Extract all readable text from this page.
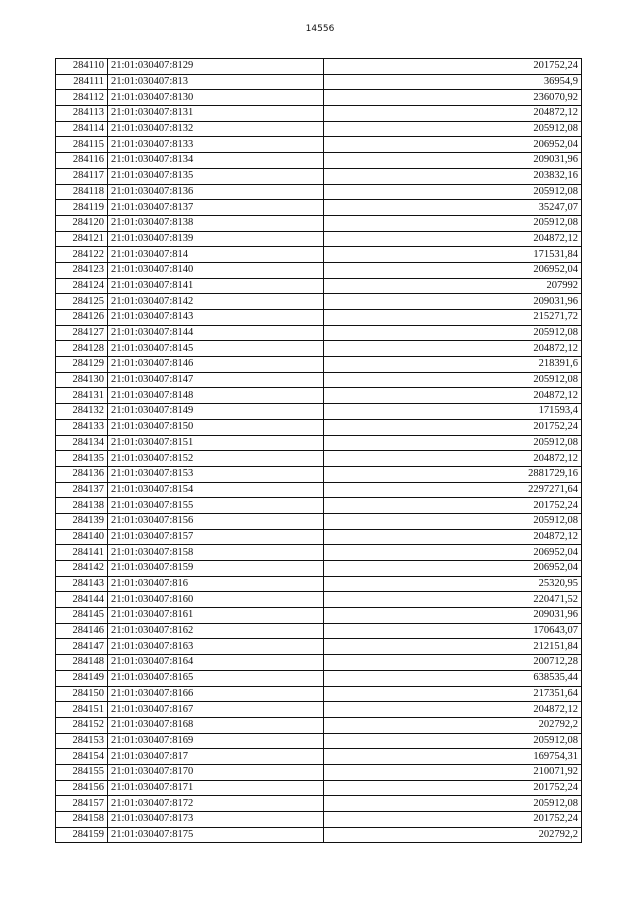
14556
284110	21:01:030407:8129	201752,24
284111	21:01:030407:813	36954,9
284112	21:01:030407:8130	236070,92
284113	21:01:030407:8131	204872,12
284114	21:01:030407:8132	205912,08
284115	21:01:030407:8133	206952,04
284116	21:01:030407:8134	209031,96
284117	21:01:030407:8135	203832,16
284118	21:01:030407:8136	205912,08
284119	21:01:030407:8137	35247,07
284120	21:01:030407:8138	205912,08
284121	21:01:030407:8139	204872,12
284122	21:01:030407:814	171531,84
284123	21:01:030407:8140	206952,04
284124	21:01:030407:8141	207992
284125	21:01:030407:8142	209031,96
284126	21:01:030407:8143	215271,72
284127	21:01:030407:8144	205912,08
284128	21:01:030407:8145	204872,12
284129	21:01:030407:8146	218391,6
284130	21:01:030407:8147	205912,08
284131	21:01:030407:8148	204872,12
284132	21:01:030407:8149	171593,4
284133	21:01:030407:8150	201752,24
284134	21:01:030407:8151	205912,08
284135	21:01:030407:8152	204872,12
284136	21:01:030407:8153	2881729,16
284137	21:01:030407:8154	2297271,64
284138	21:01:030407:8155	201752,24
284139	21:01:030407:8156	205912,08
284140	21:01:030407:8157	204872,12
284141	21:01:030407:8158	206952,04
284142	21:01:030407:8159	206952,04
284143	21:01:030407:816	25320,95
284144	21:01:030407:8160	220471,52
284145	21:01:030407:8161	209031,96
284146	21:01:030407:8162	170643,07
284147	21:01:030407:8163	212151,84
284148	21:01:030407:8164	200712,28
284149	21:01:030407:8165	638535,44
284150	21:01:030407:8166	217351,64
284151	21:01:030407:8167	204872,12
284152	21:01:030407:8168	202792,2
284153	21:01:030407:8169	205912,08
284154	21:01:030407:817	169754,31
284155	21:01:030407:8170	210071,92
284156	21:01:030407:8171	201752,24
284157	21:01:030407:8172	205912,08
284158	21:01:030407:8173	201752,24
284159	21:01:030407:8175	202792,2
